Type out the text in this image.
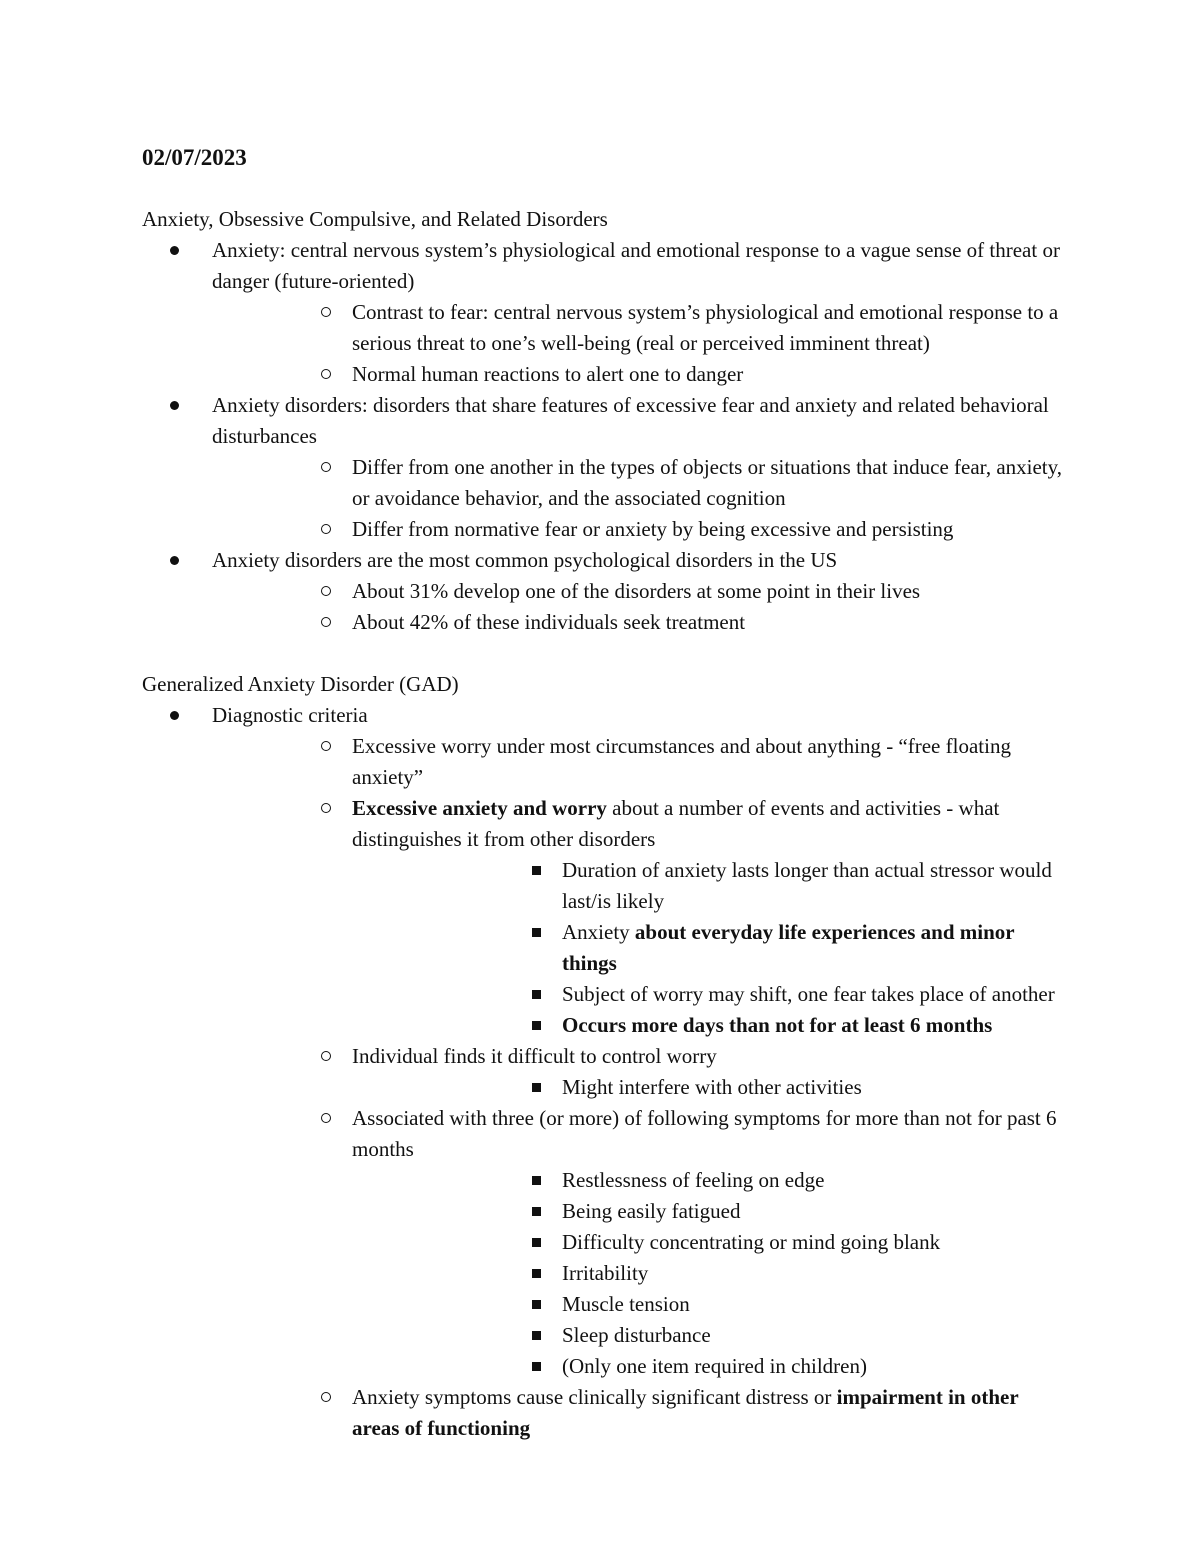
02/07/2023
Anxiety, Obsessive Compulsive, and Related Disorders
Anxiety: central nervous system’s physiological and emotional response to a vague sense of threat or danger (future-oriented)
Contrast to fear: central nervous system’s physiological and emotional response to a serious threat to one’s well-being (real or perceived imminent threat)
Normal human reactions to alert one to danger
Anxiety disorders: disorders that share features of excessive fear and anxiety and related behavioral disturbances
Differ from one another in the types of objects or situations that induce fear, anxiety, or avoidance behavior, and the associated cognition
Differ from normative fear or anxiety by being excessive and persisting
Anxiety disorders are the most common psychological disorders in the US
About 31% develop one of the disorders at some point in their lives
About 42% of these individuals seek treatment
Generalized Anxiety Disorder (GAD)
Diagnostic criteria
Excessive worry under most circumstances and about anything - “free floating anxiety”
Excessive anxiety and worry about a number of events and activities - what distinguishes it from other disorders
Duration of anxiety lasts longer than actual stressor would last/is likely
Anxiety about everyday life experiences and minor things
Subject of worry may shift, one fear takes place of another
Occurs more days than not for at least 6 months
Individual finds it difficult to control worry
Might interfere with other activities
Associated with three (or more) of following symptoms for more than not for past 6 months
Restlessness of feeling on edge
Being easily fatigued
Difficulty concentrating or mind going blank
Irritability
Muscle tension
Sleep disturbance
(Only one item required in children)
Anxiety symptoms cause clinically significant distress or impairment in other areas of functioning
